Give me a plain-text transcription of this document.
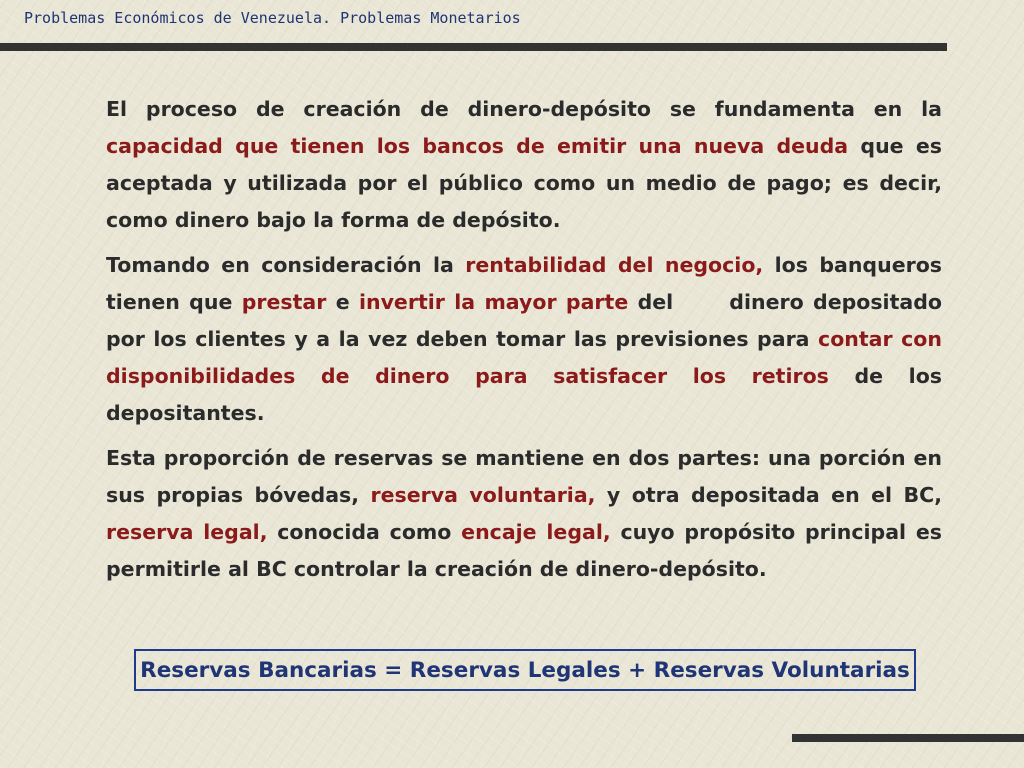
Problemas Económicos de Venezuela. Problemas Monetarios

El proceso de creación de dinero-depósito se fundamenta en la capacidad que tienen los bancos de emitir una nueva deuda que es aceptada y utilizada por el público como un medio de pago; es decir, como dinero bajo la forma de depósito.

Tomando en consideración la rentabilidad del negocio, los banqueros tienen que prestar e invertir la mayor parte del      dinero depositado por los clientes y a la vez deben tomar las previsiones para contar con disponibilidades de dinero para satisfacer los retiros de los depositantes.

Esta proporción de reservas se mantiene en dos partes: una porción en sus propias bóvedas, reserva voluntaria, y otra depositada en el BC, reserva legal, conocida como encaje legal, cuyo propósito principal es permitirle al BC controlar la creación de dinero-depósito.

Reservas Bancarias = Reservas Legales + Reservas Voluntarias
